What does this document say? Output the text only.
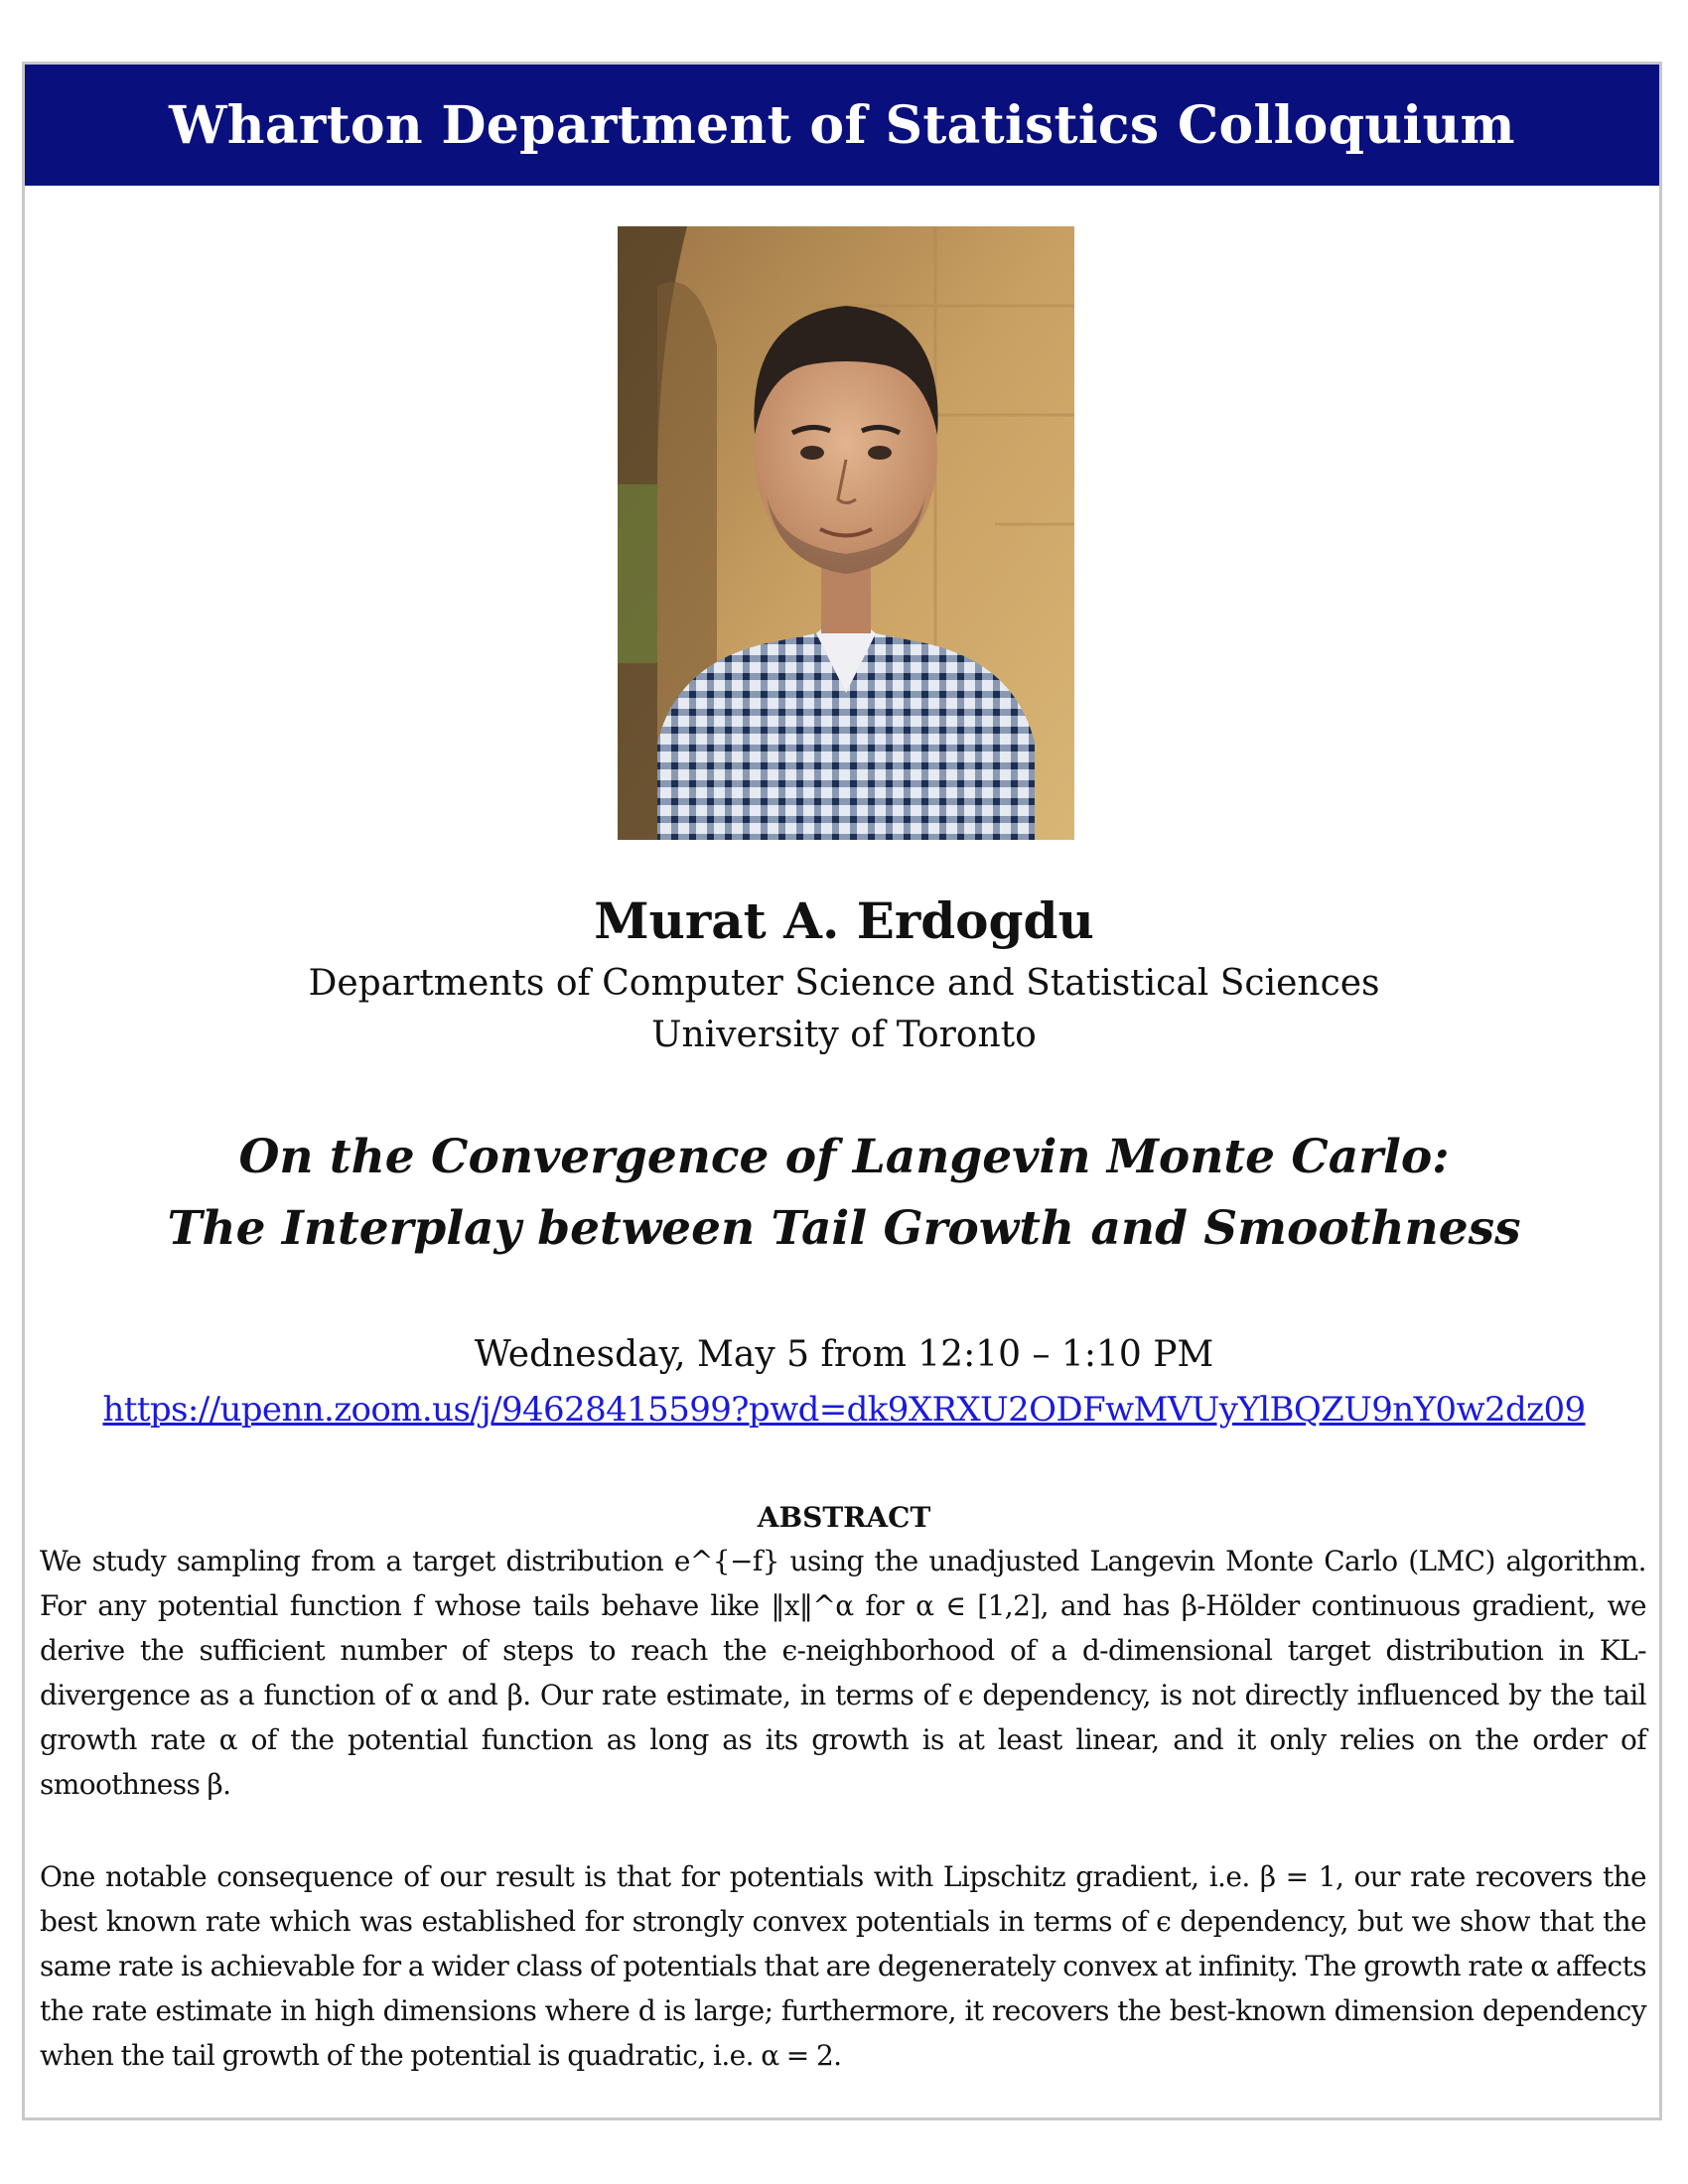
Wharton Department of Statistics Colloquium
Murat A. Erdogdu

Departments of Computer Science and Statistical Sciences

University of Toronto

On the Convergence of Langevin Monte Carlo:
The Interplay between Tail Growth and Smoothness

Wednesday, May 5 from 12:10 – 1:10 PM

https://upenn.zoom.us/j/94628415599?pwd=dk9XRXU2ODFwMVUyYlBQZU9nY0w2dz09
ABSTRACT

We study sampling from a target distribution e^{−f} using the unadjusted Langevin Monte Carlo (LMC) algorithm. For any potential function f whose tails behave like ‖x‖^α for α ∈ [1,2], and has β-Hölder continuous gradient, we derive the sufficient number of steps to reach the ϵ-neighborhood of a d-dimensional target distribution in KL-divergence as a function of α and β. Our rate estimate, in terms of ϵ dependency, is not directly influenced by the tail growth rate α of the potential function as long as its growth is at least linear, and it only relies on the order of smoothness β.

One notable consequence of our result is that for potentials with Lipschitz gradient, i.e. β = 1, our rate recovers the best known rate which was established for strongly convex potentials in terms of ϵ dependency, but we show that the same rate is achievable for a wider class of potentials that are degenerately convex at infinity. The growth rate α affects the rate estimate in high dimensions where d is large; furthermore, it recovers the best-known dimension dependency when the tail growth of the potential is quadratic, i.e. α = 2.
